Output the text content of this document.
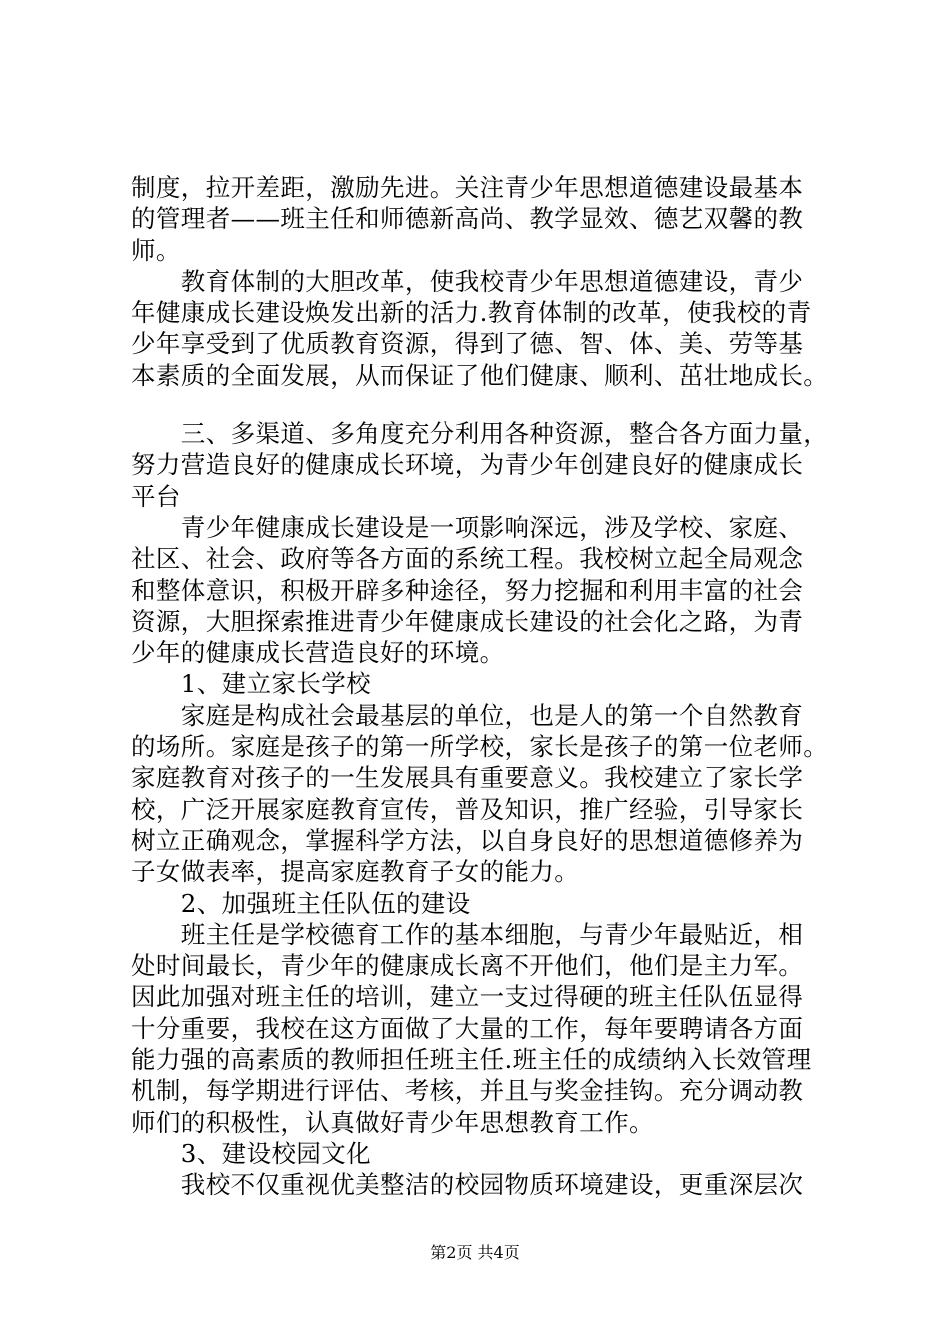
制度，拉开差距，激励先进。关注青少年思想道德建设最基本
的管理者——班主任和师德新高尚、教学显效、德艺双馨的教
师。
　　教育体制的大胆改革，使我校青少年思想道德建设，青少
年健康成长建设焕发出新的活力.教育体制的改革，使我校的青
少年享受到了优质教育资源，得到了德、智、体、美、劳等基
本素质的全面发展，从而保证了他们健康、顺利、茁壮地成长。
　　三、多渠道、多角度充分利用各种资源，整合各方面力量，
努力营造良好的健康成长环境，为青少年创建良好的健康成长
平台
　　青少年健康成长建设是一项影响深远，涉及学校、家庭、
社区、社会、政府等各方面的系统工程。我校树立起全局观念
和整体意识，积极开辟多种途径，努力挖掘和利用丰富的社会
资源，大胆探索推进青少年健康成长建设的社会化之路，为青
少年的健康成长营造良好的环境。
　　1、建立家长学校
　　家庭是构成社会最基层的单位，也是人的第一个自然教育
的场所。家庭是孩子的第一所学校，家长是孩子的第一位老师。
家庭教育对孩子的一生发展具有重要意义。我校建立了家长学
校，广泛开展家庭教育宣传，普及知识，推广经验，引导家长
树立正确观念，掌握科学方法，以自身良好的思想道德修养为
子女做表率，提高家庭教育子女的能力。
　　2、加强班主任队伍的建设
　　班主任是学校德育工作的基本细胞，与青少年最贴近，相
处时间最长，青少年的健康成长离不开他们，他们是主力军。
因此加强对班主任的培训，建立一支过得硬的班主任队伍显得
十分重要，我校在这方面做了大量的工作，每年要聘请各方面
能力强的高素质的教师担任班主任.班主任的成绩纳入长效管理
机制，每学期进行评估、考核，并且与奖金挂钩。充分调动教
师们的积极性，认真做好青少年思想教育工作。
　　3、建设校园文化
　　我校不仅重视优美整洁的校园物质环境建设，更重深层次
第2页 共4页
